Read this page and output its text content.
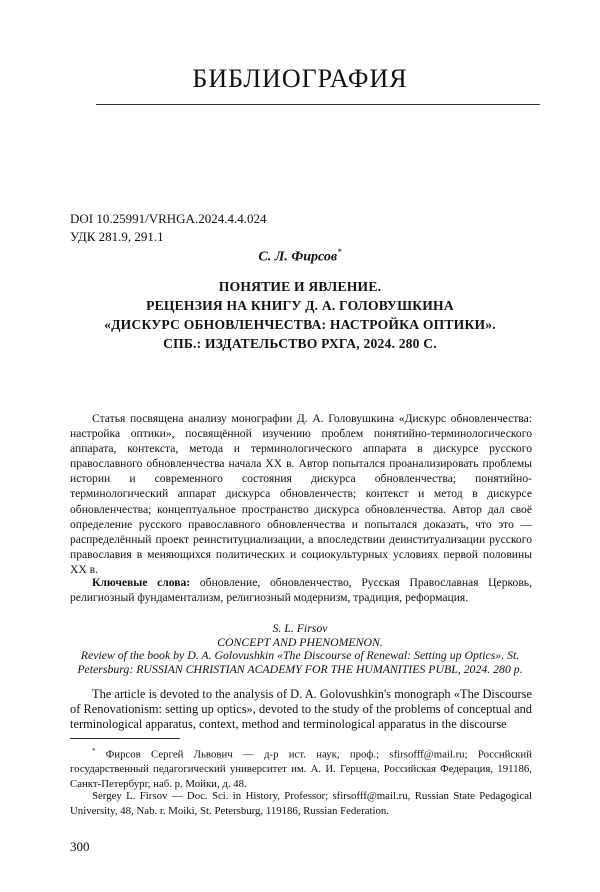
БИБЛИОГРАФИЯ
DOI 10.25991/VRHGA.2024.4.4.024
УДК 281.9, 291.1
С. Л. Фирсов*
ПОНЯТИЕ И ЯВЛЕНИЕ.
РЕЦЕНЗИЯ НА КНИГУ Д. А. ГОЛОВУШКИНА
«ДИСКУРС ОБНОВЛЕНЧЕСТВА: НАСТРОЙКА ОПТИКИ».
СПБ.: ИЗДАТЕЛЬСТВО РХГА, 2024. 280 С.

Статья посвящена анализу монографии Д. А. Головушкина «Дискурс обновленчества: настройка оптики», посвящённой изучению проблем понятийно-терминологического аппарата, контекста, метода и терминологического аппарата в дискурсе русского православного обновленчества начала XX в. Автор попытался проанализировать проблемы истории и современного состояния дискурса обновленчества; понятийно-терминологический аппарат дискурса обновленчеств; контекст и метод в дискурсе обновленчества; концептуальное пространство дискурса обновленчества. Автор дал своё определение русского православного обновленчества и попытался доказать, что это — распределённый проект реинституциализации, а впоследствии деинституализации русского православия в меняющихся политических и социокультурных условиях первой половины XX в.

Ключевые слова: обновление, обновленчество, Русская Православная Церковь, религиозный фундаментализм, религиозный модернизм, традиция, реформация.

S. L. Firsov
CONCEPT AND PHENOMENON.
Review of the book by D. A. Golovushkin «The Discourse of Renewal: Setting up Optics». St.
Petersburg: RUSSIAN CHRISTIAN ACADEMY FOR THE HUMANITIES PUBL, 2024. 280 p.

The article is devoted to the analysis of D. A. Golovushkin's monograph «The Discourse of Renovationism: setting up optics», devoted to the study of the problems of conceptual and terminological apparatus, context, method and terminological apparatus in the discourse

* Фирсов Сергей Львович — д-р ист. наук, проф.; sfirsofff@mail.ru; Российский государственный педагогический университет им. А. И. Герцена, Российская Федерация, 191186, Санкт-Петербург, наб. р. Мойки, д. 48.

Sergey L. Firsov — Doc. Sci. in History, Professor; sfirsofff@mail.ru, Russian State Pedagogical University, 48, Nab. r. Moiki, St. Petersburg, 119186, Russian Federation.

300
